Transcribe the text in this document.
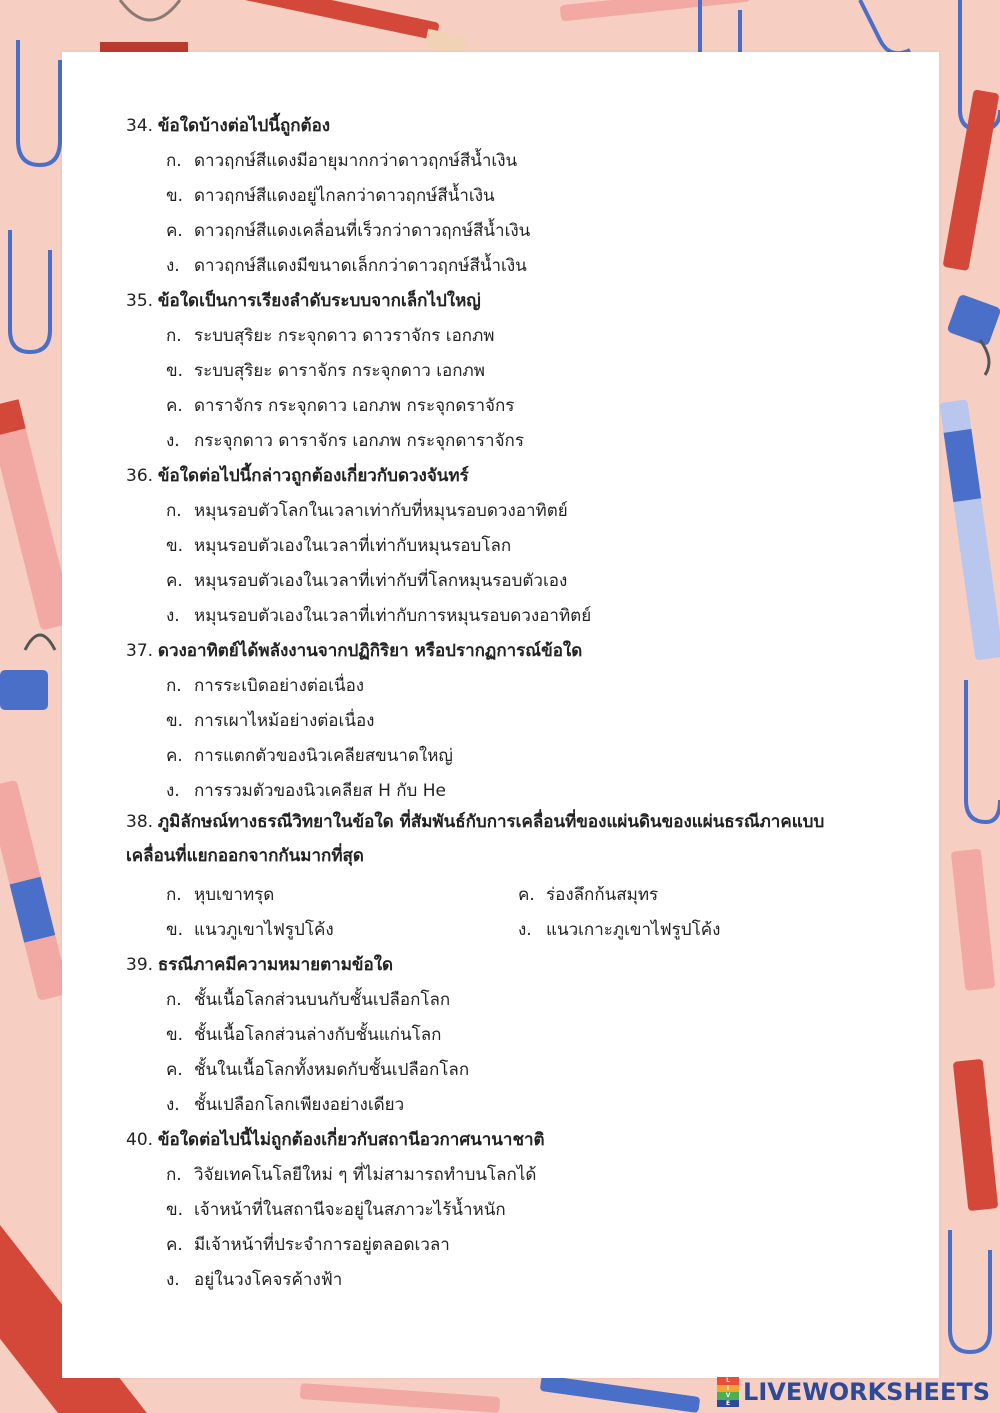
34. ข้อใดบ้างต่อไปนี้ถูกต้อง
ก. ดาวฤกษ์สีแดงมีอายุมากกว่าดาวฤกษ์สีน้ำเงิน
ข. ดาวฤกษ์สีแดงอยู่ไกลกว่าดาวฤกษ์สีน้ำเงิน
ค. ดาวฤกษ์สีแดงเคลื่อนที่เร็วกว่าดาวฤกษ์สีน้ำเงิน
ง. ดาวฤกษ์สีแดงมีขนาดเล็กกว่าดาวฤกษ์สีน้ำเงิน
35. ข้อใดเป็นการเรียงลำดับระบบจากเล็กไปใหญ่
ก. ระบบสุริยะ กระจุกดาว ดาวราจักร เอกภพ
ข. ระบบสุริยะ ดาราจักร กระจุกดาว เอกภพ
ค. ดาราจักร กระจุกดาว เอกภพ กระจุกดราจักร
ง. กระจุกดาว ดาราจักร เอกภพ กระจุกดาราจักร
36. ข้อใดต่อไปนี้กล่าวถูกต้องเกี่ยวกับดวงจันทร์
ก. หมุนรอบตัวโลกในเวลาเท่ากับที่หมุนรอบดวงอาทิตย์
ข. หมุนรอบตัวเองในเวลาที่เท่ากับหมุนรอบโลก
ค. หมุนรอบตัวเองในเวลาที่เท่ากับที่โลกหมุนรอบตัวเอง
ง. หมุนรอบตัวเองในเวลาที่เท่ากับการหมุนรอบดวงอาทิตย์
37. ดวงอาทิตย์ได้พลังงานจากปฏิกิริยา หรือปรากฏการณ์ข้อใด
ก. การระเบิดอย่างต่อเนื่อง
ข. การเผาไหม้อย่างต่อเนื่อง
ค. การแตกตัวของนิวเคลียสขนาดใหญ่
ง. การรวมตัวของนิวเคลียส H กับ He
38. ภูมิลักษณ์ทางธรณีวิทยาในข้อใด ที่สัมพันธ์กับการเคลื่อนที่ของแผ่นดินของแผ่นธรณีภาคแบบเคลื่อนที่แยกออกจากกันมากที่สุด
ก. หุบเขาทรุด
ข. แนวภูเขาไฟรูปโค้ง
ค. ร่องลึกก้นสมุทร
ง. แนวเกาะภูเขาไฟรูปโค้ง
39. ธรณีภาคมีความหมายตามข้อใด
ก. ชั้นเนื้อโลกส่วนบนกับชั้นเปลือกโลก
ข. ชั้นเนื้อโลกส่วนล่างกับชั้นแก่นโลก
ค. ชั้นในเนื้อโลกทั้งหมดกับชั้นเปลือกโลก
ง. ชั้นเปลือกโลกเพียงอย่างเดียว
40. ข้อใดต่อไปนี้ไม่ถูกต้องเกี่ยวกับสถานีอวกาศนานาชาติ
ก. วิจัยเทคโนโลยีใหม่ ๆ ที่ไม่สามารถทำบนโลกได้
ข. เจ้าหน้าที่ในสถานีจะอยู่ในสภาวะไร้น้ำหนัก
ค. มีเจ้าหน้าที่ประจำการอยู่ตลอดเวลา
ง. อยู่ในวงโคจรค้างฟ้า
L
I
V
E LIVEWORKSHEETS
